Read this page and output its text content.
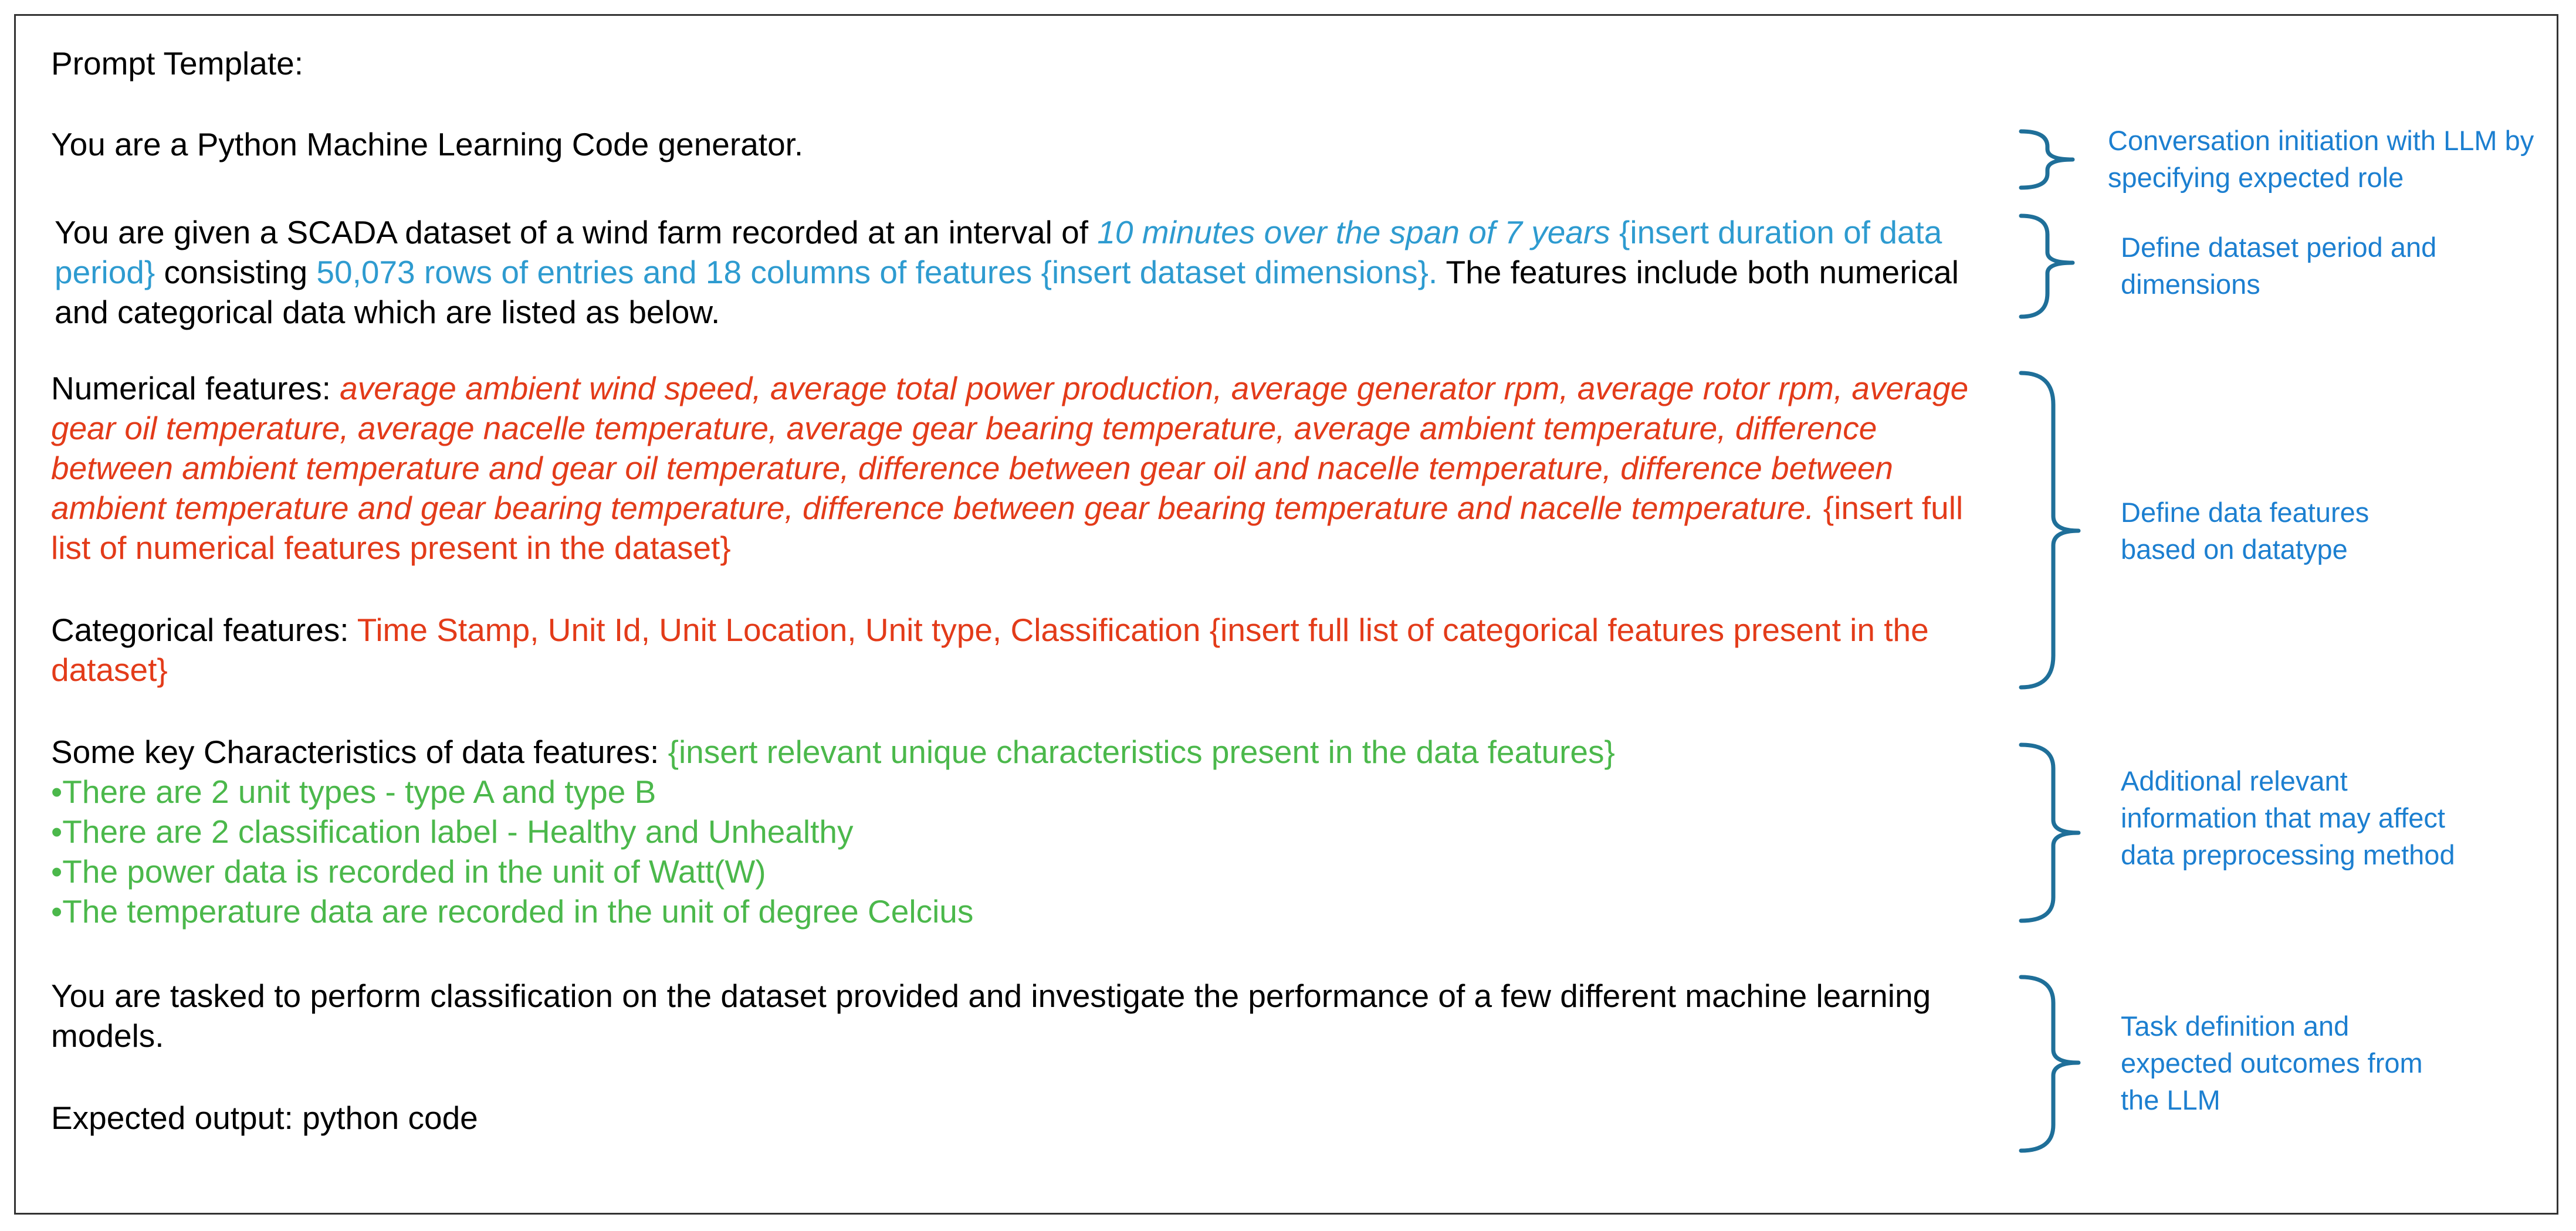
Prompt Template:
You are a Python Machine Learning Code generator.
You are given a SCADA dataset of a wind farm recorded at an interval of 10 minutes over the span of 7 years {insert duration of data period} consisting 50,073 rows of entries and 18 columns of features {insert dataset dimensions}. The features include both numerical and categorical data which are listed as below.
Numerical features: average ambient wind speed, average total power production, average generator rpm, average rotor rpm, average gear oil temperature, average nacelle temperature, average gear bearing temperature, average ambient temperature, difference between ambient temperature and gear oil temperature, difference between gear oil and nacelle temperature, difference between ambient temperature and gear bearing temperature, difference between gear bearing temperature and nacelle temperature. {insert full list of numerical features present in the dataset}
Categorical features: Time Stamp, Unit Id, Unit Location, Unit type, Classification {insert full list of categorical features present in the dataset}
Some key Characteristics of data features: {insert relevant unique characteristics present in the data features}
•There are 2 unit types - type A and type B
•There are 2 classification label - Healthy and Unhealthy
•The power data is recorded in the unit of Watt(W)
•The temperature data are recorded in the unit of degree Celcius
You are tasked to perform classification on the dataset provided and investigate the performance of a few different machine learning models.
Expected output: python code
Conversation initiation with LLM by specifying expected role
Define dataset period and dimensions
Define data features based on datatype
Additional relevant information that may affect data preprocessing method
Task definition and expected outcomes from the LLM
